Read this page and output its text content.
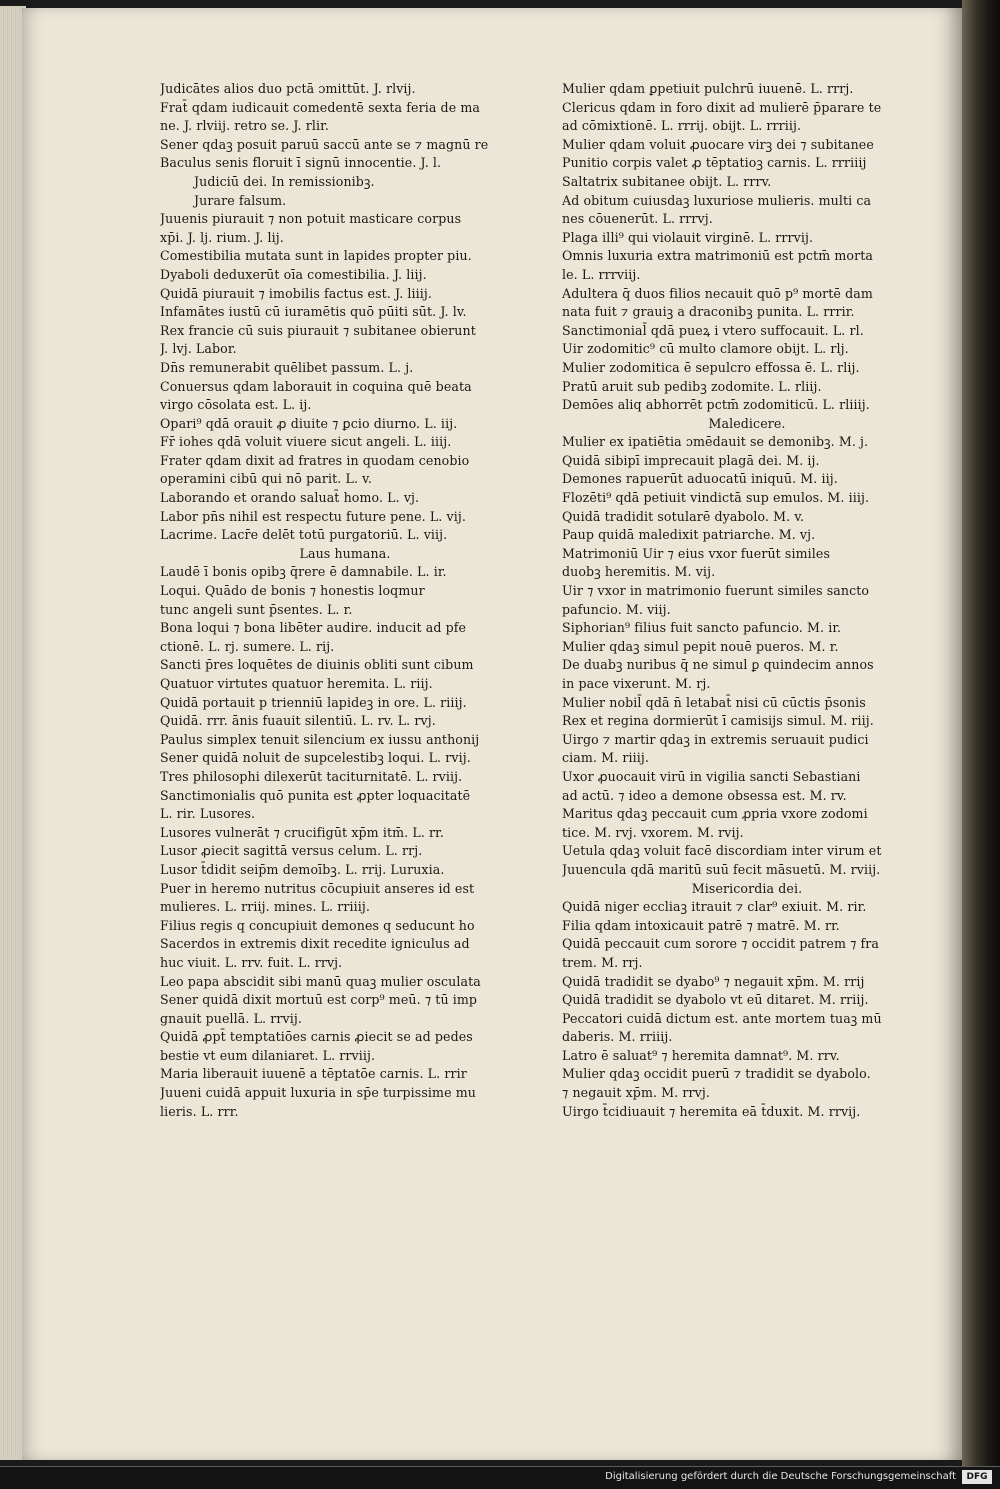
Judicātes alios duo pctā ɔmittūt. J. rlvij.
Frat̄ qdam iudicauit comedentē sexta feria de ma
ne. J. rlviij. retro se. J. rlir.
Sener qdaꝫ posuit paruū saccū ante se ⁊ magnū re
Baculus senis floruit ī signū innocentie. J. l.
Judiciū dei. In remissionibꝫ.
Jurare falsum.
Juuenis piurauit ⁊ non potuit masticare corpus
xp̄i. J. lj. rium. J. lij.
Comestibilia mutata sunt in lapides propter piu.
Dyaboli deduxerūt oīa comestibilia. J. liij.
Quidā piurauit ⁊ imobilis factus est. J. liiij.
Infamātes iustū cū iuramētis quō pūiti sūt. J. lv.
Rex francie cū suis piurauit ⁊ subitanee obierunt
J. lvj. Labor.
Dn̄s remunerabit quēlibet passum. L. j.
Conuersus qdam laborauit in coquina quē beata
virgo cōsolata est. L. ij.
Opari⁹ qdā orauit ꝓ diuite ⁊ ꝑcio diurno. L. iij.
Fr̄ iohes qdā voluit viuere sicut angeli. L. iiij.
Frater qdam dixit ad fratres in quodam cenobio
operamini cibū qui nō parit. L. v.
Laborando et orando saluat̄ homo. L. vj.
Labor pn̄s nihil est respectu future pene. L. vij.
Lacrime. Lacr̄e delēt totū purgatoriū. L. viij.
Laus humana.
Laudē ī bonis opibꝫ q̄rere ē damnabile. L. ir.
Loqui. Quādo de bonis ⁊ honestis loqmur
tunc angeli sunt p̄sentes. L. r.
Bona loqui ⁊ bona libēter audire. inducit ad pfe
ctionē. L. rj. sumere. L. rij.
Sancti p̄res loquētes de diuinis obliti sunt cibum
Quatuor virtutes quatuor heremita. L. riij.
Quidā portauit p trienniū lapideꝫ in ore. L. riiij.
Quidā. rrr. ānis fuauit silentiū. L. rv. L. rvj.
Paulus simplex tenuit silencium ex iussu anthonij
Sener quidā noluit de supcelestibꝫ loqui. L. rvij.
Tres philosophi dilexerūt taciturnitatē. L. rviij.
Sanctimonialis quō punita est ꝓpter loquacitatē
L. rir. Lusores.
Lusores vulnerāt ⁊ crucifigūt xp̄m itm̄. L. rr.
Lusor ꝓiecit sagittā versus celum. L. rrj.
Lusor t̄didit seip̄m demoībꝫ. L. rrij. Luruxia.
Puer in heremo nutritus cōcupiuit anseres id est
mulieres. L. rriij. mines. L. rriiij.
Filius regis q concupiuit demones q seducunt ho
Sacerdos in extremis dixit recedite igniculus ad
huc viuit. L. rrv. fuit. L. rrvj.
Leo papa abscidit sibi manū quaꝫ mulier osculata
Sener quidā dixit mortuū est corp⁹ meū. ⁊ tū imp
gnauit puellā. L. rrvij.
Quidā ꝓpt̄ temptatiōes carnis ꝓiecit se ad pedes
bestie vt eum dilaniaret. L. rrviij.
Maria liberauit iuuenē a tēptatōe carnis. L. rrir
Juueni cuidā appuit luxuria in sp̄e turpissime mu
lieris. L. rrr.
Mulier qdam ꝑpetiuit pulchrū iuuenē. L. rrrj.
Clericus qdam in foro dixit ad mulierē p̄parare te
ad cōmixtionē. L. rrrij. obijt. L. rrriij.
Mulier qdam voluit ꝓuocare virꝫ dei ⁊ subitanee
Punitio corpis valet ꝓ tēptatioꝫ carnis. L. rrriiij
Saltatrix subitanee obijt. L. rrrv.
Ad obitum cuiusdaꝫ luxuriose mulieris. multi ca
nes cōuenerūt. L. rrrvj.
Plaga illi⁹ qui violauit virginē. L. rrrvij.
Omnis luxuria extra matrimoniū est pctm̄ morta
le. L. rrrviij.
Adultera q̄ duos filios necauit quō p⁹ mortē dam
nata fuit ⁊ grauiꝫ a draconibꝫ punita. L. rrrir.
Sanctimonial̄ qdā pueꝝ i vtero suffocauit. L. rl.
Uir zodomitic⁹ cū multo clamore obijt. L. rlj.
Mulier zodomitica ē sepulcro effossa ē. L. rlij.
Pratū aruit sub pedibꝫ zodomite. L. rliij.
Demōes aliq abhorrēt pctm̄ zodomiticū. L. rliiij.
Maledicere.
Mulier ex ipatiētia ɔmēdauit se demonibꝫ. M. j.
Quidā sibipī imprecauit plagā dei. M. ij.
Demones rapuerūt aduocatū iniquū. M. iij.
Flozēti⁹ qdā petiuit vindictā sup emulos. M. iiij.
Quidā tradidit sotularē dyabolo. M. v.
Paup quidā maledixit patriarche. M. vj.
Matrimoniū Uir ⁊ eius vxor fuerūt similes
duobꝫ heremitis. M. vij.
Uir ⁊ vxor in matrimonio fuerunt similes sancto
pafuncio. M. viij.
Siphorian⁹ filius fuit sancto pafuncio. M. ir.
Mulier qdaꝫ simul pepit nouē pueros. M. r.
De duabꝫ nuribus q̄ ne simul ꝑ quindecim annos
in pace vixerunt. M. rj.
Mulier nobil̄ qdā n̄ letabat̄ nisi cū cūctis p̄sonis
Rex et regina dormierūt ī camisijs simul. M. riij.
Uirgo ⁊ martir qdaꝫ in extremis seruauit pudici
ciam. M. riiij.
Uxor ꝓuocauit virū in vigilia sancti Sebastiani
ad actū. ⁊ ideo a demone obsessa est. M. rv.
Maritus qdaꝫ peccauit cum ꝓpria vxore zodomi
tice. M. rvj. vxorem. M. rvij.
Uetula qdaꝫ voluit facē discordiam inter virum et
Juuencula qdā maritū suū fecit māsuetū. M. rviij.
Misericordia dei.
Quidā niger eccliaꝫ itrauit ⁊ clar⁹ exiuit. M. rir.
Filia qdam intoxicauit patrē ⁊ matrē. M. rr.
Quidā peccauit cum sorore ⁊ occidit patrem ⁊ fra
trem. M. rrj.
Quidā tradidit se dyabo⁹ ⁊ negauit xp̄m. M. rrij
Quidā tradidit se dyabolo vt eū ditaret. M. rriij.
Peccatori cuidā dictum est. ante mortem tuaꝫ mū
daberis. M. rriiij.
Latro ē saluat⁹ ⁊ heremita damnat⁹. M. rrv.
Mulier qdaꝫ occidit puerū ⁊ tradidit se dyabolo.
⁊ negauit xp̄m. M. rrvj.
Uirgo t̄cidiuauit ⁊ heremita eā t̄duxit. M. rrvij.
Digitalisierung gefördert durch die Deutsche Forschungsgemeinschaft	DFG
